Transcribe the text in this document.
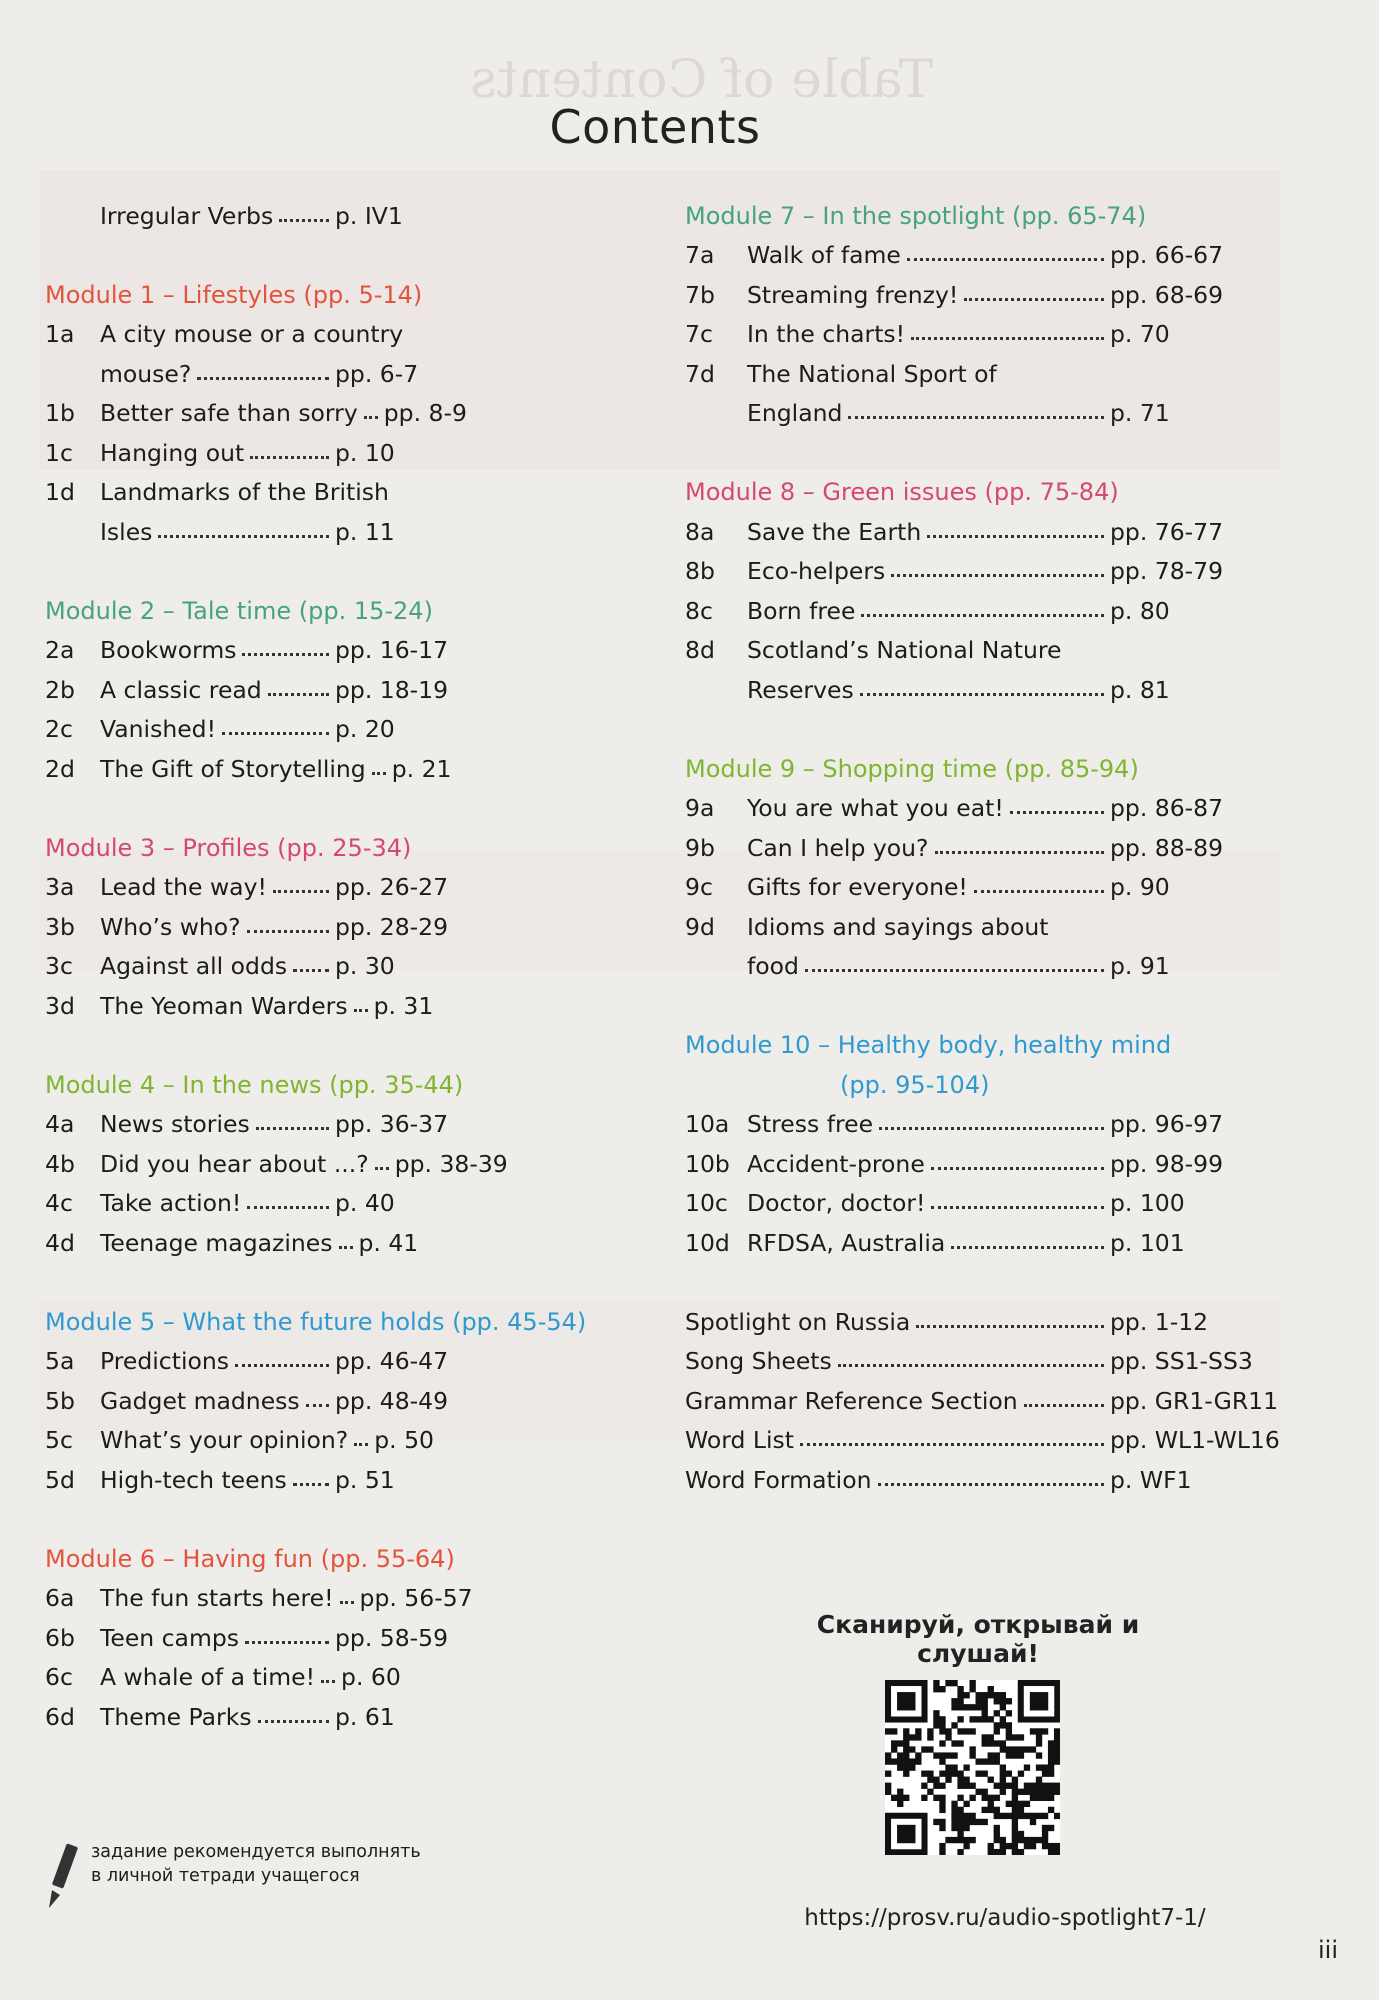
Table of Contents
Contents
Irregular Verbs	p. IV1
Module 1 – Lifestyles (pp. 5-14)
1a	A city mouse or a country
mouse?	pp. 6-7
1b	Better safe than sorry pp. 8-9
1c	Hanging out	p. 10
1d	Landmarks of the British
Isles	p. 11
Module 2 – Tale time (pp. 15-24)
2a	Bookworms	pp. 16-17
2b	A classic read	pp. 18-19
2c	Vanished!	p. 20
2d	The Gift of Storytelling p. 21
Module 3 – Profiles (pp. 25-34)
3a	Lead the way!	pp. 26-27
3b	Who’s who?	pp. 28-29
3c	Against all odds p. 30
3d	The Yeoman Warders p. 31
Module 4 – In the news (pp. 35-44)
4a	News stories	pp. 36-37
4b	Did you hear about ...? pp. 38-39
4c	Take action!	p. 40
4d	Teenage magazines p. 41
Module 5 – What the future holds (pp. 45-54)
5a	Predictions	pp. 46-47
5b	Gadget madness pp. 48-49
5c	What’s your opinion? p. 50
5d	High-tech teens p. 51
Module 6 – Having fun (pp. 55-64)
6a	The fun starts here! pp. 56-57
6b	Teen camps	pp. 58-59
6c	A whale of a time! p. 60
6d	Theme Parks	p. 61
Module 7 – In the spotlight (pp. 65-74)
7a	Walk of fame	pp. 66-67
7b	Streaming frenzy!	pp. 68-69
7c	In the charts!	p. 70
7d	The National Sport of
England	p. 71
Module 8 – Green issues (pp. 75-84)
8a	Save the Earth	pp. 76-77
8b	Eco-helpers	pp. 78-79
8c	Born free	p. 80
8d	Scotland’s National Nature
Reserves	p. 81
Module 9 – Shopping time (pp. 85-94)
9a	You are what you eat!	pp. 86-87
9b	Can I help you?	pp. 88-89
9c	Gifts for everyone!	p. 90
9d	Idioms and sayings about
food	p. 91
Module 10 – Healthy body, healthy mind
(pp. 95-104)
10a Stress free	pp. 96-97
10b Accident-prone	pp. 98-99
10c Doctor, doctor!	p. 100
10d RFDSA, Australia	p. 101
Spotlight on Russia	pp. 1-12
Song Sheets	pp. SS1-SS3
Grammar Reference Section	pp. GR1-GR11
Word List	pp. WL1-WL16
Word Formation	p. WF1
Сканируй, открывай и слушай!
https://prosv.ru/audio-spotlight7-1/
задание рекомендуется выполнять
в личной тетради учащегося
iii
